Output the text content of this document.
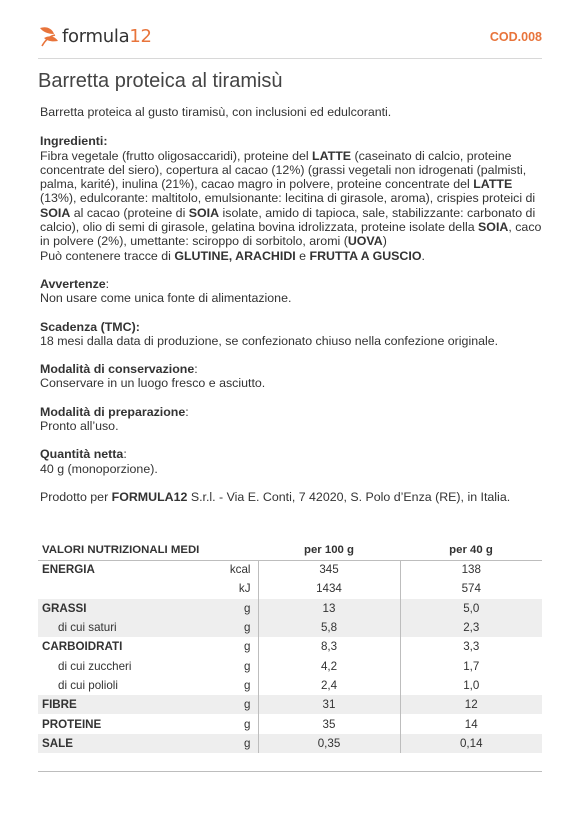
formula12	COD.008
Barretta proteica al tiramisù

Barretta proteica al gusto tiramisù, con inclusioni ed edulcoranti.

Ingredienti:

Fibra vegetale (frutto oligosaccaridi), proteine del LATTE (caseinato di calcio, proteine concentrate del siero), copertura al cacao (12%) (grassi vegetali non idrogenati (palmisti, palma, karité), inulina (21%), cacao magro in polvere, proteine concentrate del LATTE (13%), edulcorante: maltitolo, emulsionante: lecitina di girasole, aroma), crispies proteici di SOIA al cacao (proteine di SOIA isolate, amido di tapioca, sale, stabilizzante: carbonato di calcio), olio di semi di girasole, gelatina bovina idrolizzata, proteine isolate della SOIA, caco in polvere (2%), umettante: sciroppo di sorbitolo, aromi (UOVA)

Può contenere tracce di GLUTINE, ARACHIDI e FRUTTA A GUSCIO.

Avvertenze:

Non usare come unica fonte di alimentazione.

Scadenza (TMC):

18 mesi dalla data di produzione, se confezionato chiuso nella confezione originale.

Modalità di conservazione:

Conservare in un luogo fresco e asciutto.

Modalità di preparazione:

Pronto all’uso.

Quantità netta:

40 g (monoporzione).

Prodotto per FORMULA12 S.r.l. - Via E. Conti, 7 42020, S. Polo d’Enza (RE), in Italia.

VALORI NUTRIZIONALI MEDI		per 100 g	per 40 g
ENERGIA	kcal	345	138
	kJ	1434	574
GRASSI	g	13	5,0
di cui saturi	g	5,8	2,3
CARBOIDRATI	g	8,3	3,3
di cui zuccheri	g	4,2	1,7
di cui polioli	g	2,4	1,0
FIBRE	g	31	12
PROTEINE	g	35	14
SALE	g	0,35	0,14
